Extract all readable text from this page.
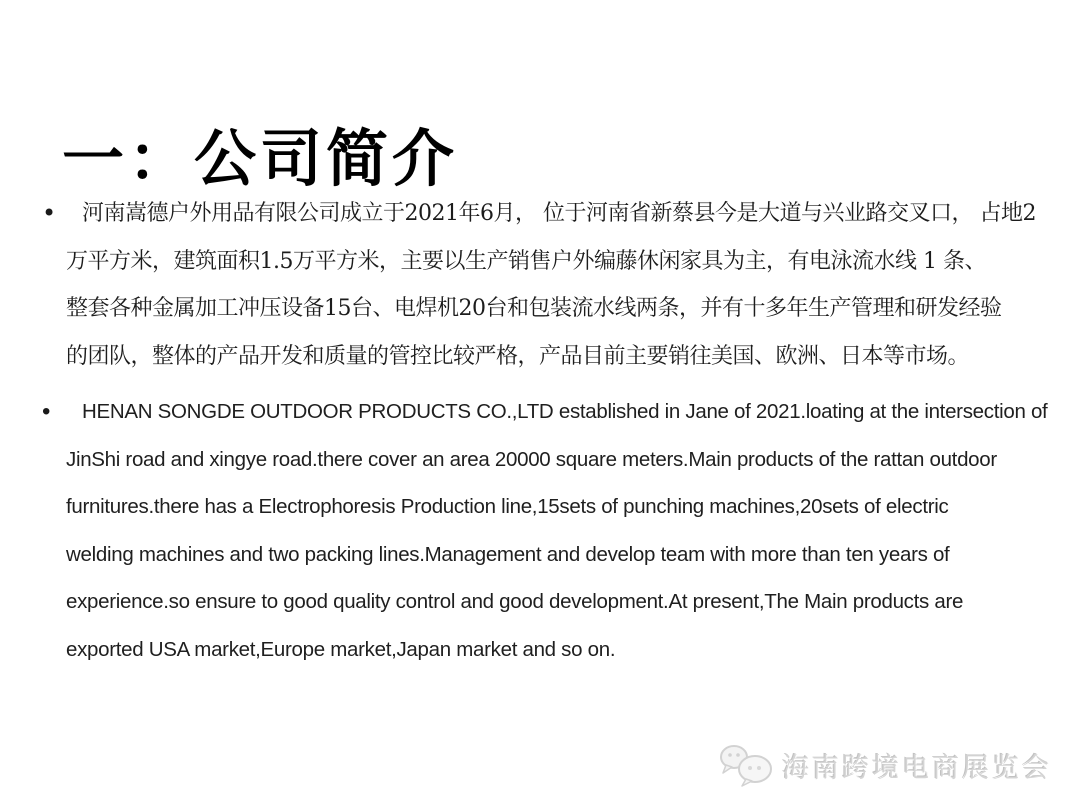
一：公司简介
•	河南嵩德户外用品有限公司成立于2021年6月， 位于河南省新蔡县今是大道与兴业路交叉口， 占地2
万平方米，建筑面积1.5万平方米，主要以生产销售户外编藤休闲家具为主，有电泳流水线 1 条、
整套各种金属加工冲压设备15台、电焊机20台和包装流水线两条，并有十多年生产管理和研发经验
的团队，整体的产品开发和质量的管控比较严格，产品目前主要销往美国、欧洲、日本等市场。
•	HENAN SONGDE OUTDOOR PRODUCTS CO.,LTD established in Jane of 2021.loating at the intersection of
JinShi road and xingye road.there cover an area 20000 square meters.Main products of the rattan outdoor
furnitures.there has a Electrophoresis Production line,15sets of punching machines,20sets of electric
welding machines and two packing lines.Management and develop team with more than ten years of
experience.so ensure to good quality control and good development.At present,The Main products are
exported USA market,Europe market,Japan market and so on.
海南跨境电商展览会
